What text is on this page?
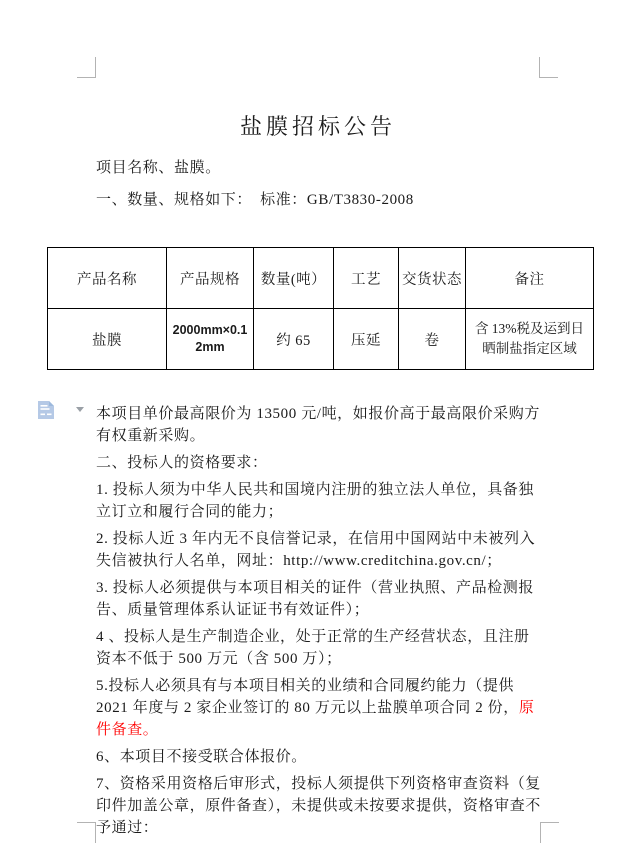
盐膜招标公告
项目名称、盐膜。
一、数量、规格如下：　标准：GB/T3830-2008
产品名称	产品规格	数量(吨）	工艺	交货状态	备注
盐膜	2000mm×0.12mm	约 65	压延	卷	含 13%税及运到日晒制盐指定区域

本项目单价最高限价为 13500 元/吨，如报价高于最高限价采购方有权重新采购。

二、投标人的资格要求：

1. 投标人须为中华人民共和国境内注册的独立法人单位，具备独立订立和履行合同的能力；

2. 投标人近 3 年内无不良信誉记录，在信用中国网站中未被列入失信被执行人名单，网址：http://www.creditchina.gov.cn/；

3. 投标人必须提供与本项目相关的证件（营业执照、产品检测报告、质量管理体系认证证书有效证件）；

4 、投标人是生产制造企业，处于正常的生产经营状态，且注册资本不低于 500 万元（含 500 万）；

5.投标人必须具有与本项目相关的业绩和合同履约能力（提供 2021 年度与 2 家企业签订的 80 万元以上盐膜单项合同 2 份，原件备查。

6、本项目不接受联合体报价。

7、资格采用资格后审形式，投标人须提供下列资格审查资料（复印件加盖公章，原件备查），未提供或未按要求提供，资格审查不予通过：
